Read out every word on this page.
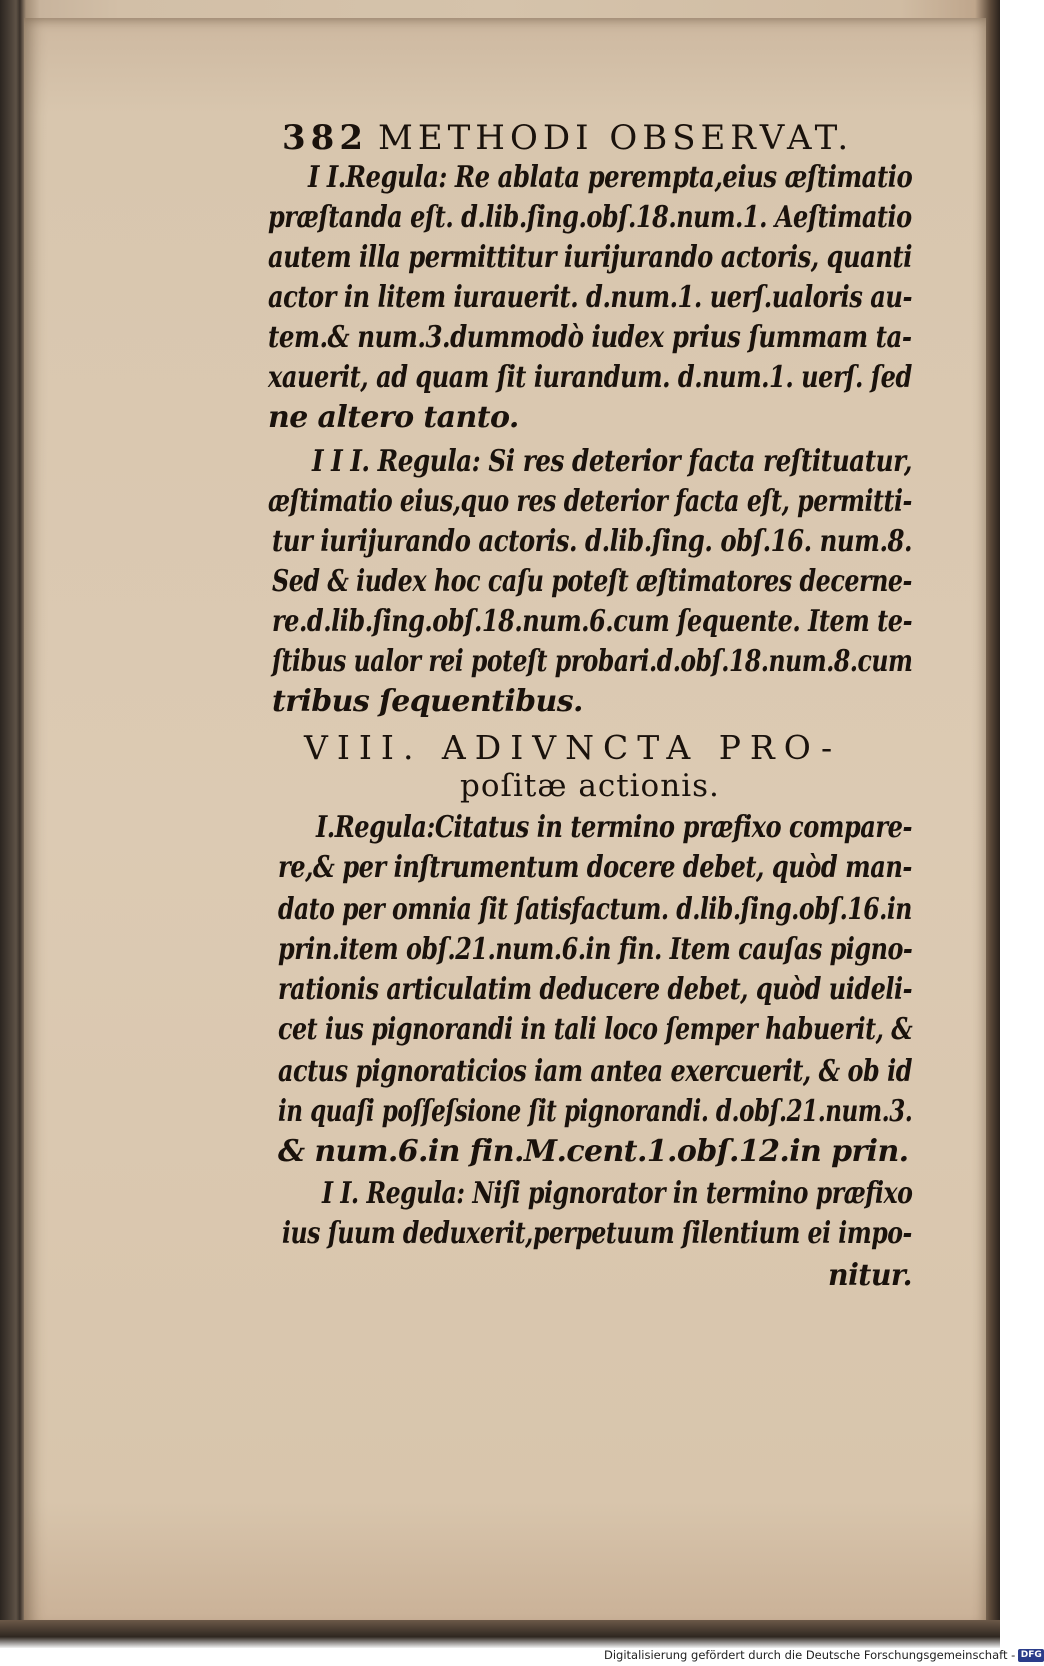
382 METHODI OBSERVAT.
I I.Regula: Re ablata perempta,eius æſtimatio
præſtanda eſt. d.lib.ſing.obſ.18.num.1. Aeſtimatio
autem illa permittitur iurijurando actoris, quanti
actor in litem iurauerit. d.num.1. uerſ.ualoris au-
tem.& num.3.dummodò iudex prius ſummam ta-
xauerit, ad quam ſit iurandum. d.num.1. uerſ. ſed
ne altero tanto.
I I I. Regula: Si res deterior facta reſtituatur,
æſtimatio eius,quo res deterior facta eſt, permitti-
tur iurijurando actoris. d.lib.ſing. obſ.16. num.8.
Sed & iudex hoc caſu poteſt æſtimatores decerne-
re.d.lib.ſing.obſ.18.num.6.cum ſequente. Item te-
ſtibus ualor rei poteſt probari.d.obſ.18.num.8.cum
tribus ſequentibus.
VIII. ADIVNCTA PRO-
poſitæ actionis.
I.Regula:Citatus in termino præfixo compare-
re,& per inſtrumentum docere debet, quòd man-
dato per omnia ſit ſatisfactum. d.lib.ſing.obſ.16.in
prin.item obſ.21.num.6.in fin. Item cauſas pigno-
rationis articulatim deducere debet, quòd uideli-
cet ius pignorandi in tali loco ſemper habuerit, &
actus pignoraticios iam antea exercuerit, & ob id
in quaſi poſſeſsione ſit pignorandi. d.obſ.21.num.3.
& num.6.in fin.M.cent.1.obſ.12.in prin.
I I. Regula: Niſi pignorator in termino præfixo
ius ſuum deduxerit,perpetuum ſilentium ei impo-
nitur.
Digitalisierung gefördert durch die Deutsche Forschungsgemeinschaft - DFG
